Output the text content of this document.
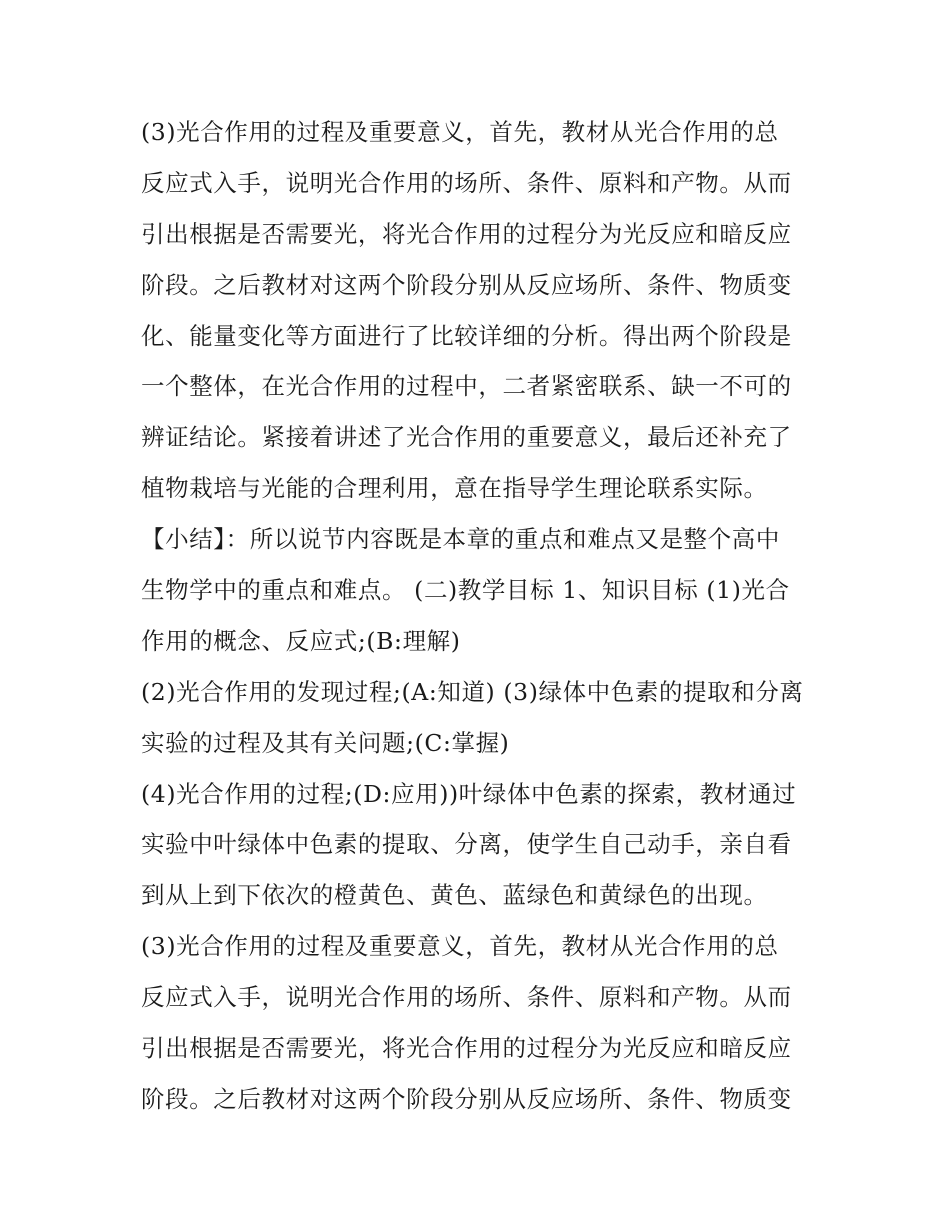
(3)光合作用的过程及重要意义，首先，教材从光合作用的总
反应式入手，说明光合作用的场所、条件、原料和产物。从而
引出根据是否需要光，将光合作用的过程分为光反应和暗反应
阶段。之后教材对这两个阶段分别从反应场所、条件、物质变
化、能量变化等方面进行了比较详细的分析。得出两个阶段是
一个整体，在光合作用的过程中，二者紧密联系、缺一不可的
辨证结论。紧接着讲述了光合作用的重要意义，最后还补充了
植物栽培与光能的合理利用，意在指导学生理论联系实际。
【小结】：所以说节内容既是本章的重点和难点又是整个高中
生物学中的重点和难点。 (二)教学目标 1、知识目标 (1)光合
作用的概念、反应式;(B:理解)
(2)光合作用的发现过程;(A:知道) (3)绿体中色素的提取和分离
实验的过程及其有关问题;(C:掌握)
(4)光合作用的过程;(D:应用))叶绿体中色素的探索，教材通过
实验中叶绿体中色素的提取、分离，使学生自己动手，亲自看
到从上到下依次的橙黄色、黄色、蓝绿色和黄绿色的出现。
(3)光合作用的过程及重要意义，首先，教材从光合作用的总
反应式入手，说明光合作用的场所、条件、原料和产物。从而
引出根据是否需要光，将光合作用的过程分为光反应和暗反应
阶段。之后教材对这两个阶段分别从反应场所、条件、物质变
